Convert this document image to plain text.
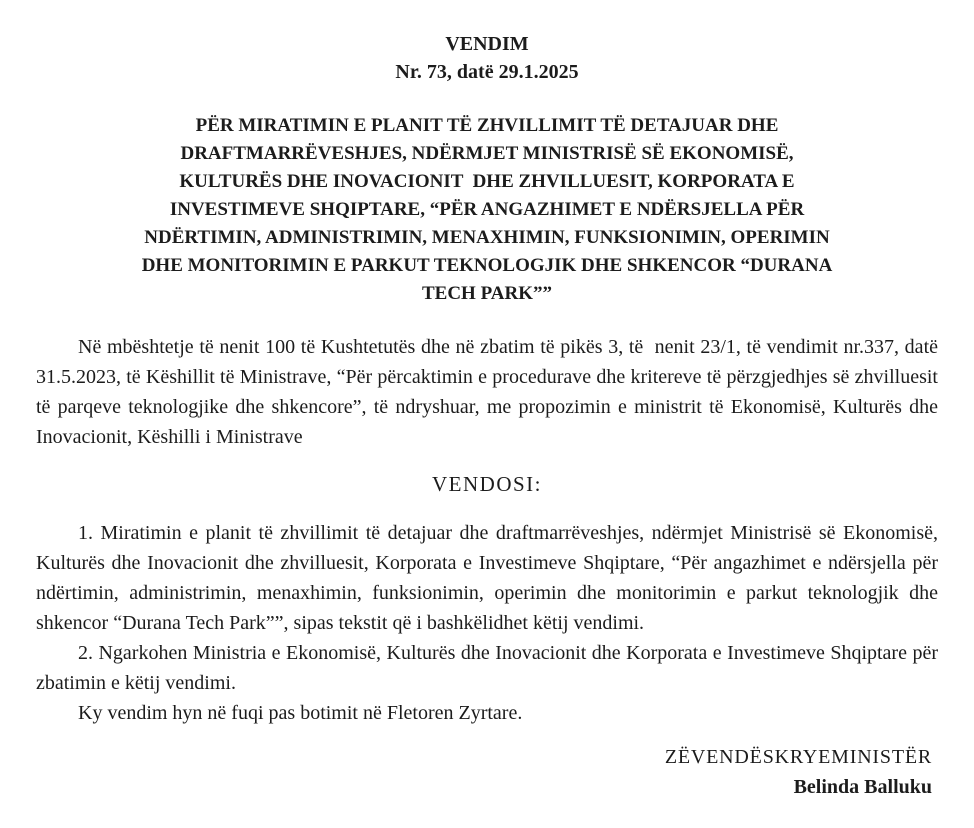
VENDIM
Nr. 73, datë 29.1.2025
PËR MIRATIMIN E PLANIT TË ZHVILLIMIT TË DETAJUAR DHE
DRAFTMARRËVESHJES, NDËRMJET MINISTRISË SË EKONOMISË,
KULTURËS DHE INOVACIONIT  DHE ZHVILLUESIT, KORPORATA E
INVESTIMEVE SHQIPTARE, “PËR ANGAZHIMET E NDËRSJELLA PËR
NDËRTIMIN, ADMINISTRIMIN, MENAXHIMIN, FUNKSIONIMIN, OPERIMIN
DHE MONITORIMIN E PARKUT TEKNOLOGJIK DHE SHKENCOR “DURANA
TECH PARK””

Në mbështetje të nenit 100 të Kushtetutës dhe në zbatim të pikës 3, të  nenit 23/1, të vendimit nr.337, datë 31.5.2023, të Këshillit të Ministrave, “Për përcaktimin e procedurave dhe kritereve të përzgjedhjes së zhvilluesit të parqeve teknologjike dhe shkencore”, të ndryshuar, me propozimin e ministrit të Ekonomisë, Kulturës dhe Inovacionit, Këshilli i Ministrave

VENDOSI:

1. Miratimin e planit të zhvillimit të detajuar dhe draftmarrëveshjes, ndërmjet Ministrisë së Ekonomisë, Kulturës dhe Inovacionit dhe zhvilluesit, Korporata e Investimeve Shqiptare, “Për angazhimet e ndërsjella për ndërtimin, administrimin, menaxhimin, funksionimin, operimin dhe monitorimin e parkut teknologjik dhe shkencor “Durana Tech Park””, sipas tekstit që i bashkëlidhet këtij vendimi.

2. Ngarkohen Ministria e Ekonomisë, Kulturës dhe Inovacionit dhe Korporata e Investimeve Shqiptare për zbatimin e këtij vendimi.

Ky vendim hyn në fuqi pas botimit në Fletoren Zyrtare.

ZËVENDËSKRYEMINISTËR
Belinda Balluku
